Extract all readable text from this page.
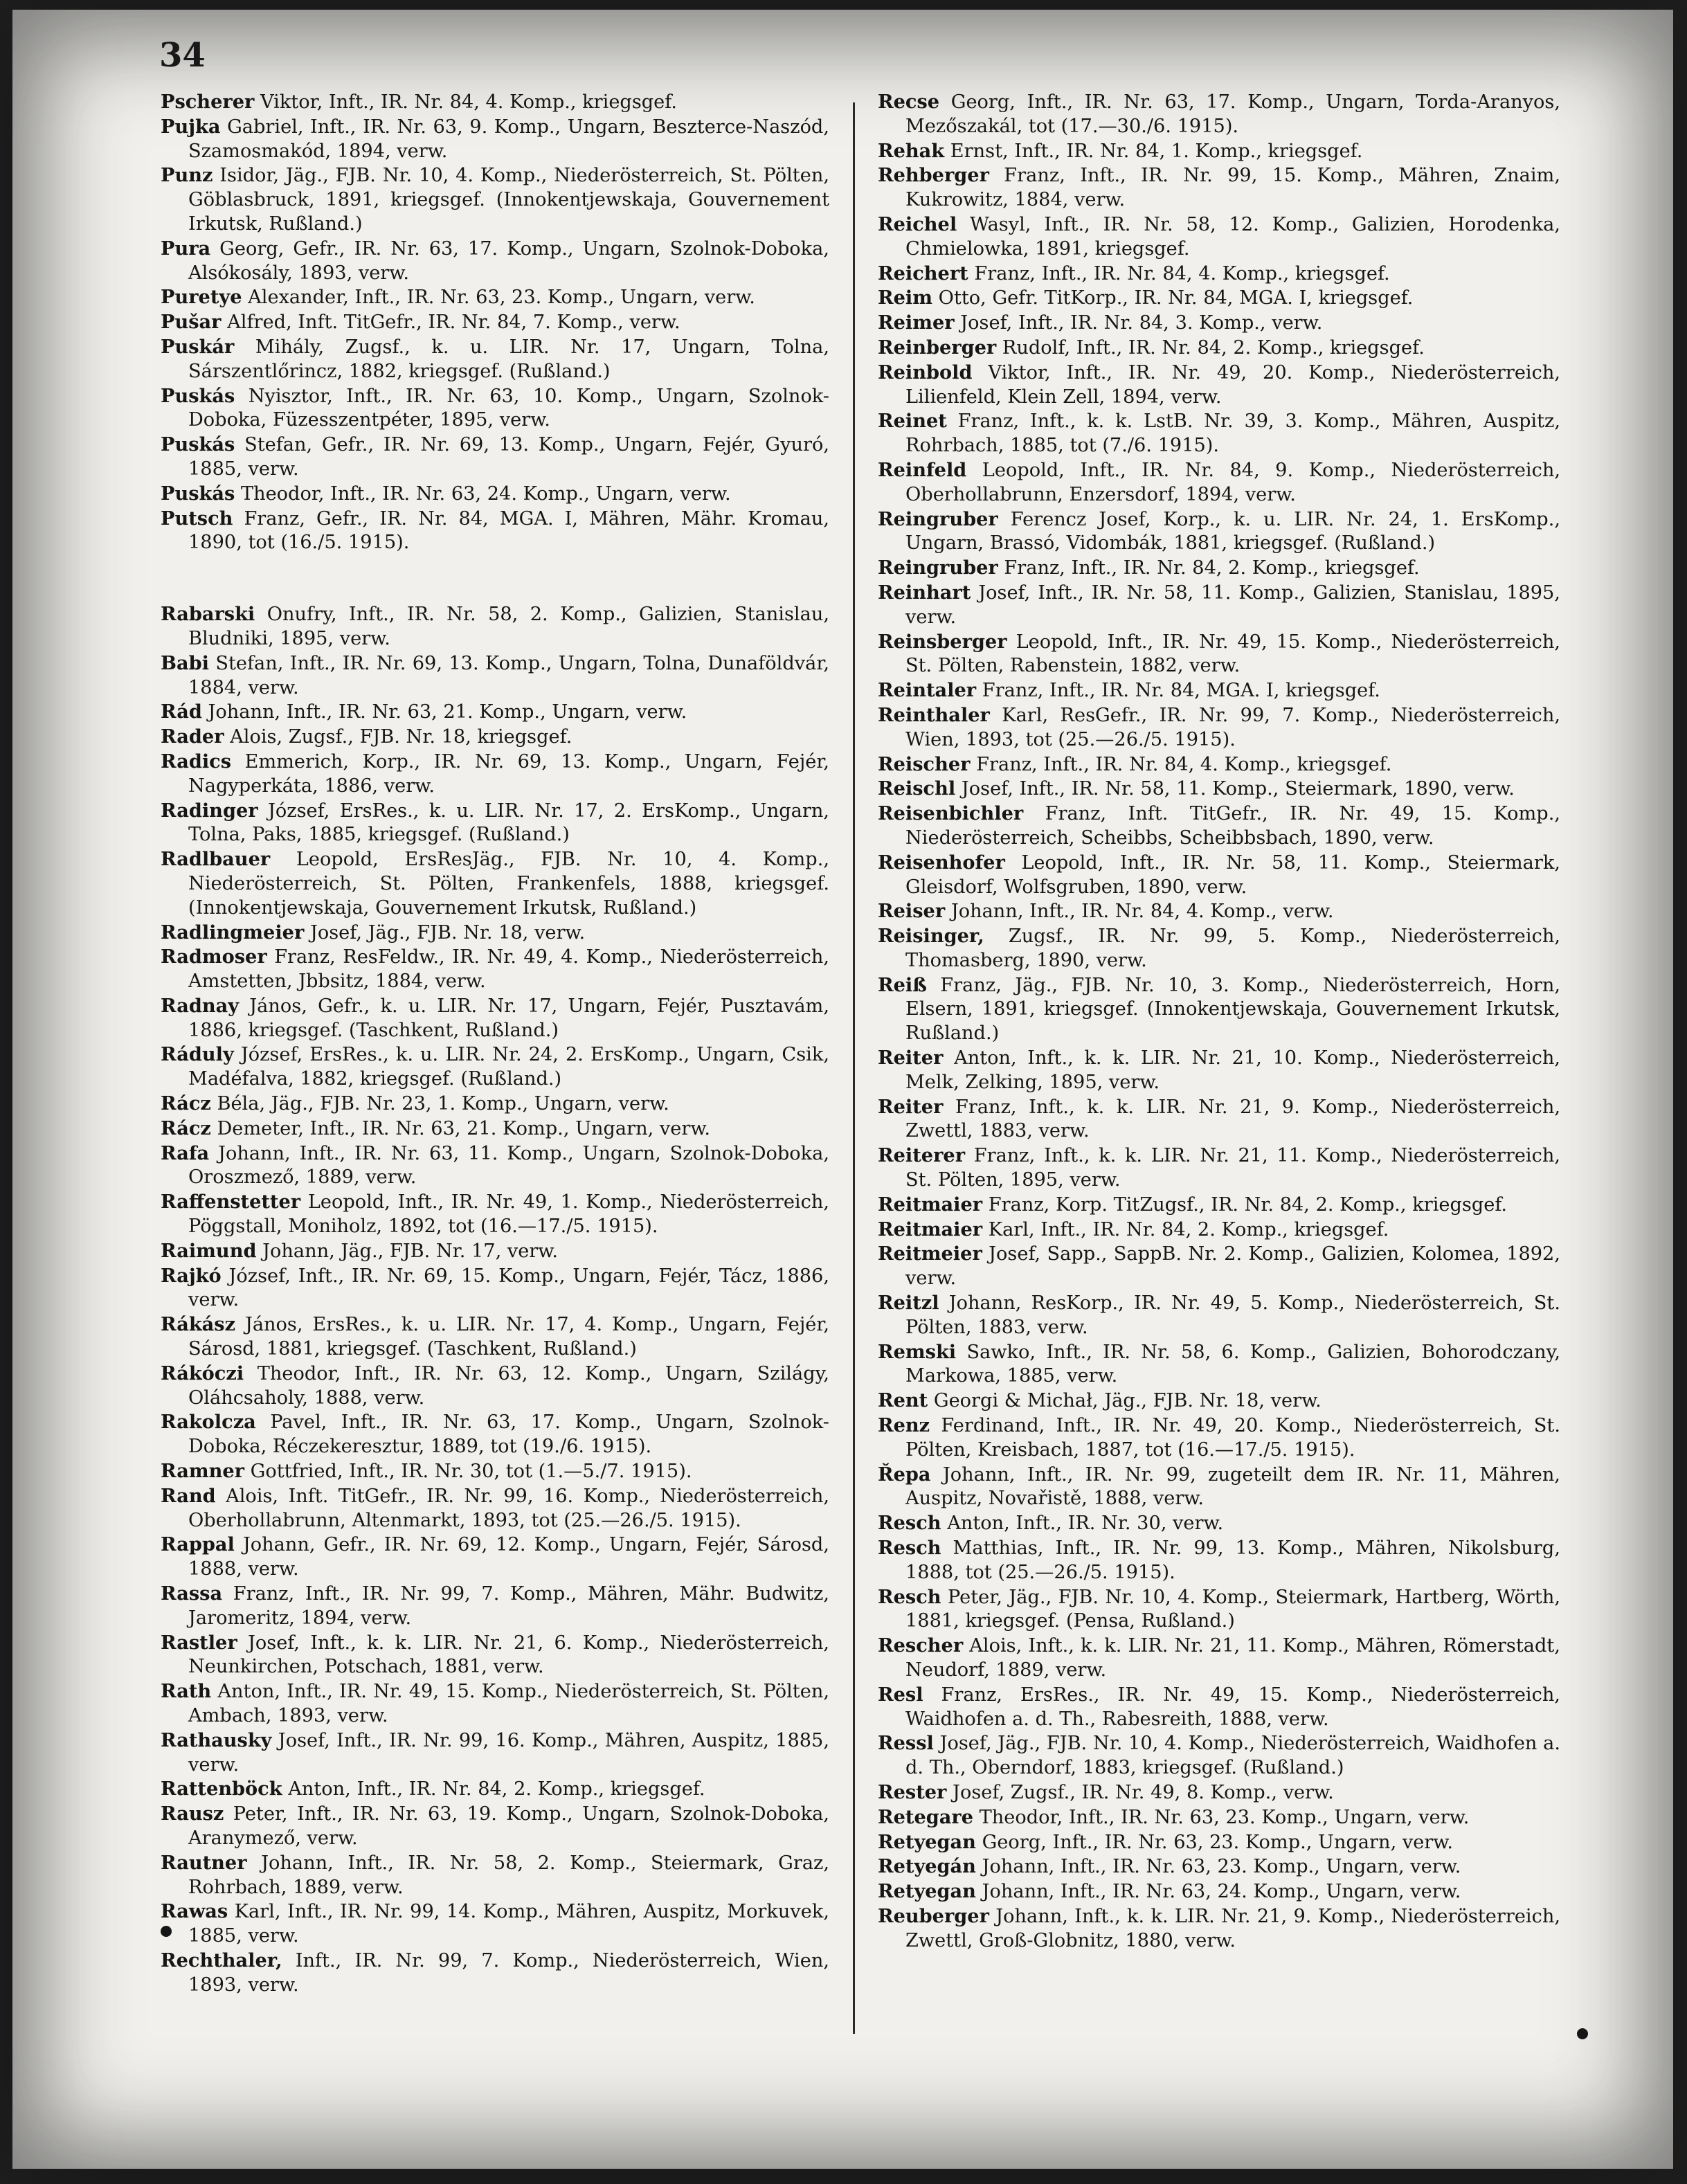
34

Pscherer Viktor, Inft., IR. Nr. 84, 4. Komp., kriegsgef.

Pujka Gabriel, Inft., IR. Nr. 63, 9. Komp., Ungarn, Beszterce-Naszód, Szamosmakód, 1894, verw.

Punz Isidor, Jäg., FJB. Nr. 10, 4. Komp., Niederösterreich, St. Pölten, Göblasbruck, 1891, kriegsgef. (Innokentjewskaja, Gouvernement Irkutsk, Rußland.)

Pura Georg, Gefr., IR. Nr. 63, 17. Komp., Ungarn, Szolnok-Doboka, Alsókosály, 1893, verw.

Puretye Alexander, Inft., IR. Nr. 63, 23. Komp., Ungarn, verw.

Pušar Alfred, Inft. TitGefr., IR. Nr. 84, 7. Komp., verw.

Puskár Mihály, Zugsf., k. u. LIR. Nr. 17, Ungarn, Tolna, Sárszentlőrincz, 1882, kriegsgef. (Rußland.)

Puskás Nyisztor, Inft., IR. Nr. 63, 10. Komp., Ungarn, Szolnok-Doboka, Füzesszentpéter, 1895, verw.

Puskás Stefan, Gefr., IR. Nr. 69, 13. Komp., Ungarn, Fejér, Gyuró, 1885, verw.

Puskás Theodor, Inft., IR. Nr. 63, 24. Komp., Ungarn, verw.

Putsch Franz, Gefr., IR. Nr. 84, MGA. I, Mähren, Mähr. Kromau, 1890, tot (16./5. 1915).

Rabarski Onufry, Inft., IR. Nr. 58, 2. Komp., Galizien, Stanislau, Bludniki, 1895, verw.

Babi Stefan, Inft., IR. Nr. 69, 13. Komp., Ungarn, Tolna, Dunaföldvár, 1884, verw.

Rád Johann, Inft., IR. Nr. 63, 21. Komp., Ungarn, verw.

Rader Alois, Zugsf., FJB. Nr. 18, kriegsgef.

Radics Emmerich, Korp., IR. Nr. 69, 13. Komp., Ungarn, Fejér, Nagyperkáta, 1886, verw.

Radinger József, ErsRes., k. u. LIR. Nr. 17, 2. ErsKomp., Ungarn, Tolna, Paks, 1885, kriegsgef. (Rußland.)

Radlbauer Leopold, ErsResJäg., FJB. Nr. 10, 4. Komp., Niederösterreich, St. Pölten, Frankenfels, 1888, kriegsgef. (Innokentjewskaja, Gouvernement Irkutsk, Rußland.)

Radlingmeier Josef, Jäg., FJB. Nr. 18, verw.

Radmoser Franz, ResFeldw., IR. Nr. 49, 4. Komp., Niederösterreich, Amstetten, Jbbsitz, 1884, verw.

Radnay János, Gefr., k. u. LIR. Nr. 17, Ungarn, Fejér, Pusztavám, 1886, kriegsgef. (Taschkent, Rußland.)

Ráduly József, ErsRes., k. u. LIR. Nr. 24, 2. ErsKomp., Ungarn, Csik, Madéfalva, 1882, kriegsgef. (Rußland.)

Rácz Béla, Jäg., FJB. Nr. 23, 1. Komp., Ungarn, verw.

Rácz Demeter, Inft., IR. Nr. 63, 21. Komp., Ungarn, verw.

Rafa Johann, Inft., IR. Nr. 63, 11. Komp., Ungarn, Szolnok-Doboka, Oroszmező, 1889, verw.

Raffenstetter Leopold, Inft., IR. Nr. 49, 1. Komp., Niederösterreich, Pöggstall, Moniholz, 1892, tot (16.—17./5. 1915).

Raimund Johann, Jäg., FJB. Nr. 17, verw.

Rajkó József, Inft., IR. Nr. 69, 15. Komp., Ungarn, Fejér, Tácz, 1886, verw.

Rákász János, ErsRes., k. u. LIR. Nr. 17, 4. Komp., Ungarn, Fejér, Sárosd, 1881, kriegsgef. (Taschkent, Rußland.)

Rákóczi Theodor, Inft., IR. Nr. 63, 12. Komp., Ungarn, Szilágy, Oláhcsaholy, 1888, verw.

Rakolcza Pavel, Inft., IR. Nr. 63, 17. Komp., Ungarn, Szolnok-Doboka, Réczekeresztur, 1889, tot (19./6. 1915).

Ramner Gottfried, Inft., IR. Nr. 30, tot (1.—5./7. 1915).

Rand Alois, Inft. TitGefr., IR. Nr. 99, 16. Komp., Niederösterreich, Oberhollabrunn, Altenmarkt, 1893, tot (25.—26./5. 1915).

Rappal Johann, Gefr., IR. Nr. 69, 12. Komp., Ungarn, Fejér, Sárosd, 1888, verw.

Rassa Franz, Inft., IR. Nr. 99, 7. Komp., Mähren, Mähr. Budwitz, Jaromeritz, 1894, verw.

Rastler Josef, Inft., k. k. LIR. Nr. 21, 6. Komp., Niederösterreich, Neunkirchen, Potschach, 1881, verw.

Rath Anton, Inft., IR. Nr. 49, 15. Komp., Niederösterreich, St. Pölten, Ambach, 1893, verw.

Rathausky Josef, Inft., IR. Nr. 99, 16. Komp., Mähren, Auspitz, 1885, verw.

Rattenböck Anton, Inft., IR. Nr. 84, 2. Komp., kriegsgef.

Rausz Peter, Inft., IR. Nr. 63, 19. Komp., Ungarn, Szolnok-Doboka, Aranymező, verw.

Rautner Johann, Inft., IR. Nr. 58, 2. Komp., Steiermark, Graz, Rohrbach, 1889, verw.

Rawas Karl, Inft., IR. Nr. 99, 14. Komp., Mähren, Auspitz, Morkuvek, 1885, verw.

Rechthaler, Inft., IR. Nr. 99, 7. Komp., Niederösterreich, Wien, 1893, verw.

Recse Georg, Inft., IR. Nr. 63, 17. Komp., Ungarn, Torda-Aranyos, Mezőszakál, tot (17.—30./6. 1915).

Rehak Ernst, Inft., IR. Nr. 84, 1. Komp., kriegsgef.

Rehberger Franz, Inft., IR. Nr. 99, 15. Komp., Mähren, Znaim, Kukrowitz, 1884, verw.

Reichel Wasyl, Inft., IR. Nr. 58, 12. Komp., Galizien, Horodenka, Chmielowka, 1891, kriegsgef.

Reichert Franz, Inft., IR. Nr. 84, 4. Komp., kriegsgef.

Reim Otto, Gefr. TitKorp., IR. Nr. 84, MGA. I, kriegsgef.

Reimer Josef, Inft., IR. Nr. 84, 3. Komp., verw.

Reinberger Rudolf, Inft., IR. Nr. 84, 2. Komp., kriegsgef.

Reinbold Viktor, Inft., IR. Nr. 49, 20. Komp., Niederösterreich, Lilienfeld, Klein Zell, 1894, verw.

Reinet Franz, Inft., k. k. LstB. Nr. 39, 3. Komp., Mähren, Auspitz, Rohrbach, 1885, tot (7./6. 1915).

Reinfeld Leopold, Inft., IR. Nr. 84, 9. Komp., Niederösterreich, Oberhollabrunn, Enzersdorf, 1894, verw.

Reingruber Ferencz Josef, Korp., k. u. LIR. Nr. 24, 1. ErsKomp., Ungarn, Brassó, Vidombák, 1881, kriegsgef. (Rußland.)

Reingruber Franz, Inft., IR. Nr. 84, 2. Komp., kriegsgef.

Reinhart Josef, Inft., IR. Nr. 58, 11. Komp., Galizien, Stanislau, 1895, verw.

Reinsberger Leopold, Inft., IR. Nr. 49, 15. Komp., Niederösterreich, St. Pölten, Rabenstein, 1882, verw.

Reintaler Franz, Inft., IR. Nr. 84, MGA. I, kriegsgef.

Reinthaler Karl, ResGefr., IR. Nr. 99, 7. Komp., Niederösterreich, Wien, 1893, tot (25.—26./5. 1915).

Reischer Franz, Inft., IR. Nr. 84, 4. Komp., kriegsgef.

Reischl Josef, Inft., IR. Nr. 58, 11. Komp., Steiermark, 1890, verw.

Reisenbichler Franz, Inft. TitGefr., IR. Nr. 49, 15. Komp., Niederösterreich, Scheibbs, Scheibbsbach, 1890, verw.

Reisenhofer Leopold, Inft., IR. Nr. 58, 11. Komp., Steiermark, Gleisdorf, Wolfsgruben, 1890, verw.

Reiser Johann, Inft., IR. Nr. 84, 4. Komp., verw.

Reisinger, Zugsf., IR. Nr. 99, 5. Komp., Niederösterreich, Thomasberg, 1890, verw.

Reiß Franz, Jäg., FJB. Nr. 10, 3. Komp., Niederösterreich, Horn, Elsern, 1891, kriegsgef. (Innokentjewskaja, Gouvernement Irkutsk, Rußland.)

Reiter Anton, Inft., k. k. LIR. Nr. 21, 10. Komp., Niederösterreich, Melk, Zelking, 1895, verw.

Reiter Franz, Inft., k. k. LIR. Nr. 21, 9. Komp., Niederösterreich, Zwettl, 1883, verw.

Reiterer Franz, Inft., k. k. LIR. Nr. 21, 11. Komp., Niederösterreich, St. Pölten, 1895, verw.

Reitmaier Franz, Korp. TitZugsf., IR. Nr. 84, 2. Komp., kriegsgef.

Reitmaier Karl, Inft., IR. Nr. 84, 2. Komp., kriegsgef.

Reitmeier Josef, Sapp., SappB. Nr. 2. Komp., Galizien, Kolomea, 1892, verw.

Reitzl Johann, ResKorp., IR. Nr. 49, 5. Komp., Niederösterreich, St. Pölten, 1883, verw.

Remski Sawko, Inft., IR. Nr. 58, 6. Komp., Galizien, Bohorodczany, Markowa, 1885, verw.

Rent Georgi & Michał, Jäg., FJB. Nr. 18, verw.

Renz Ferdinand, Inft., IR. Nr. 49, 20. Komp., Niederösterreich, St. Pölten, Kreisbach, 1887, tot (16.—17./5. 1915).

Řepa Johann, Inft., IR. Nr. 99, zugeteilt dem IR. Nr. 11, Mähren, Auspitz, Novařistě, 1888, verw.

Resch Anton, Inft., IR. Nr. 30, verw.

Resch Matthias, Inft., IR. Nr. 99, 13. Komp., Mähren, Nikolsburg, 1888, tot (25.—26./5. 1915).

Resch Peter, Jäg., FJB. Nr. 10, 4. Komp., Steiermark, Hartberg, Wörth, 1881, kriegsgef. (Pensa, Rußland.)

Rescher Alois, Inft., k. k. LIR. Nr. 21, 11. Komp., Mähren, Römerstadt, Neudorf, 1889, verw.

Resl Franz, ErsRes., IR. Nr. 49, 15. Komp., Niederösterreich, Waidhofen a. d. Th., Rabesreith, 1888, verw.

Ressl Josef, Jäg., FJB. Nr. 10, 4. Komp., Niederösterreich, Waidhofen a. d. Th., Oberndorf, 1883, kriegsgef. (Rußland.)

Rester Josef, Zugsf., IR. Nr. 49, 8. Komp., verw.

Retegare Theodor, Inft., IR. Nr. 63, 23. Komp., Ungarn, verw.

Retyegan Georg, Inft., IR. Nr. 63, 23. Komp., Ungarn, verw.

Retyegán Johann, Inft., IR. Nr. 63, 23. Komp., Ungarn, verw.

Retyegan Johann, Inft., IR. Nr. 63, 24. Komp., Ungarn, verw.

Reuberger Johann, Inft., k. k. LIR. Nr. 21, 9. Komp., Niederösterreich, Zwettl, Groß-Globnitz, 1880, verw.
